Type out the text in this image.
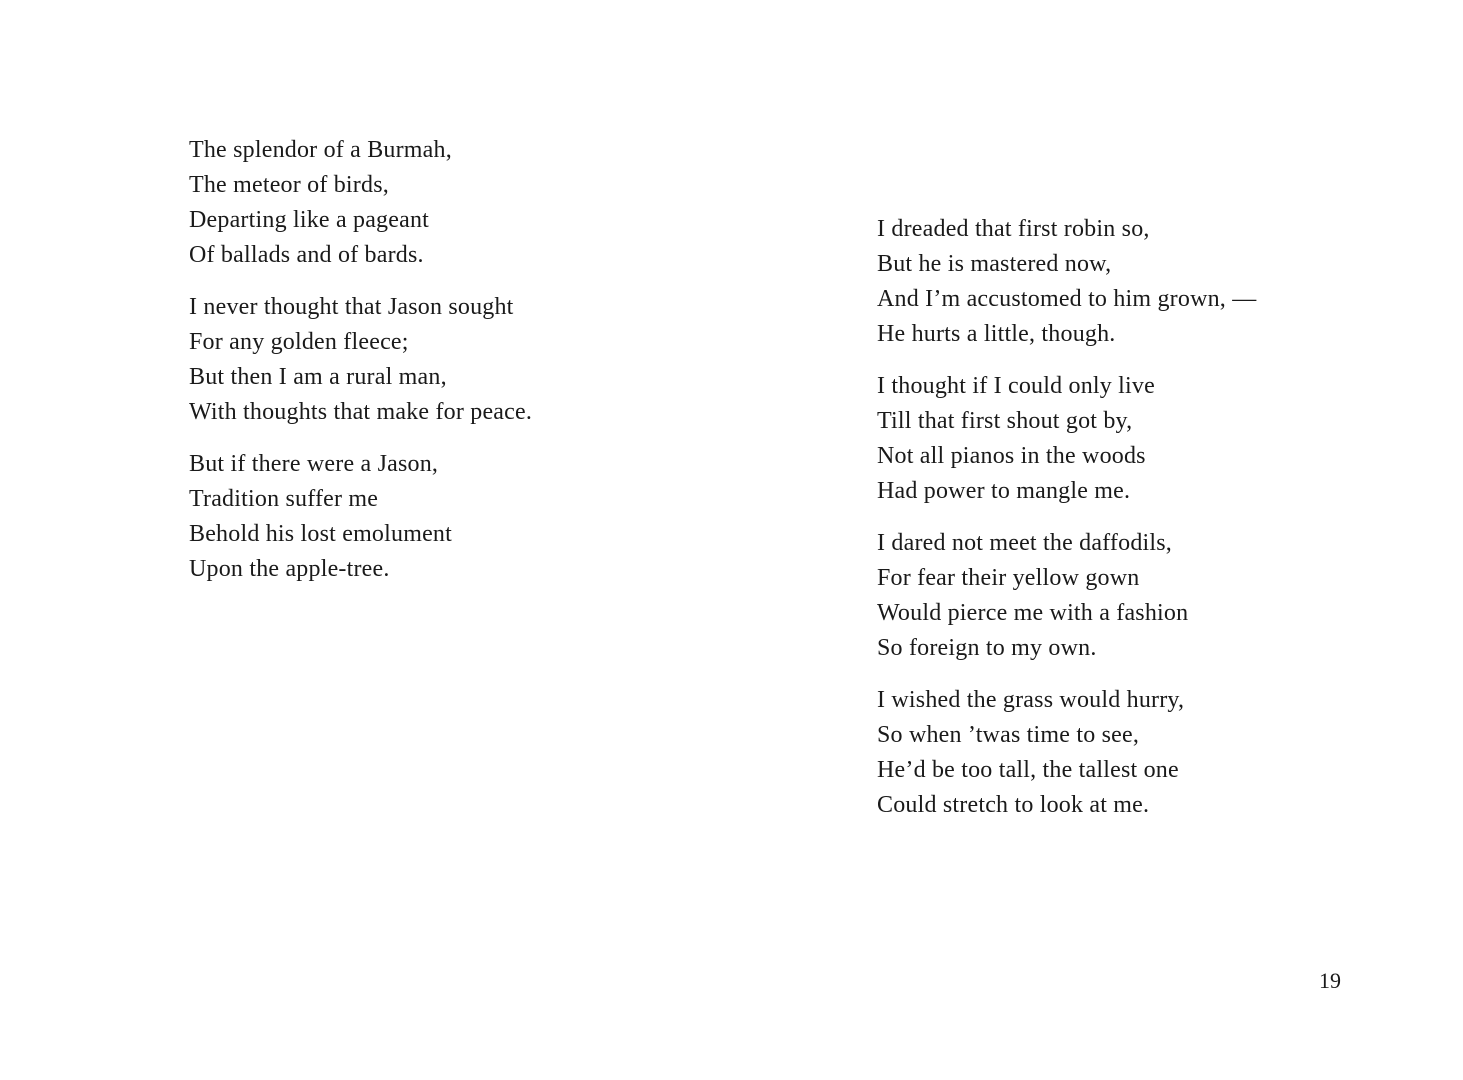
The splendor of a Burmah,
The meteor of birds,
Departing like a pageant
Of ballads and of bards.
I never thought that Jason sought
For any golden fleece;
But then I am a rural man,
With thoughts that make for peace.
But if there were a Jason,
Tradition suffer me
Behold his lost emolument
Upon the apple-tree.
I dreaded that first robin so,
But he is mastered now,
And I’m accustomed to him grown, —
He hurts a little, though.
I thought if I could only live
Till that first shout got by,
Not all pianos in the woods
Had power to mangle me.
I dared not meet the daffodils,
For fear their yellow gown
Would pierce me with a fashion
So foreign to my own.
I wished the grass would hurry,
So when ’twas time to see,
He’d be too tall, the tallest one
Could stretch to look at me.
19
